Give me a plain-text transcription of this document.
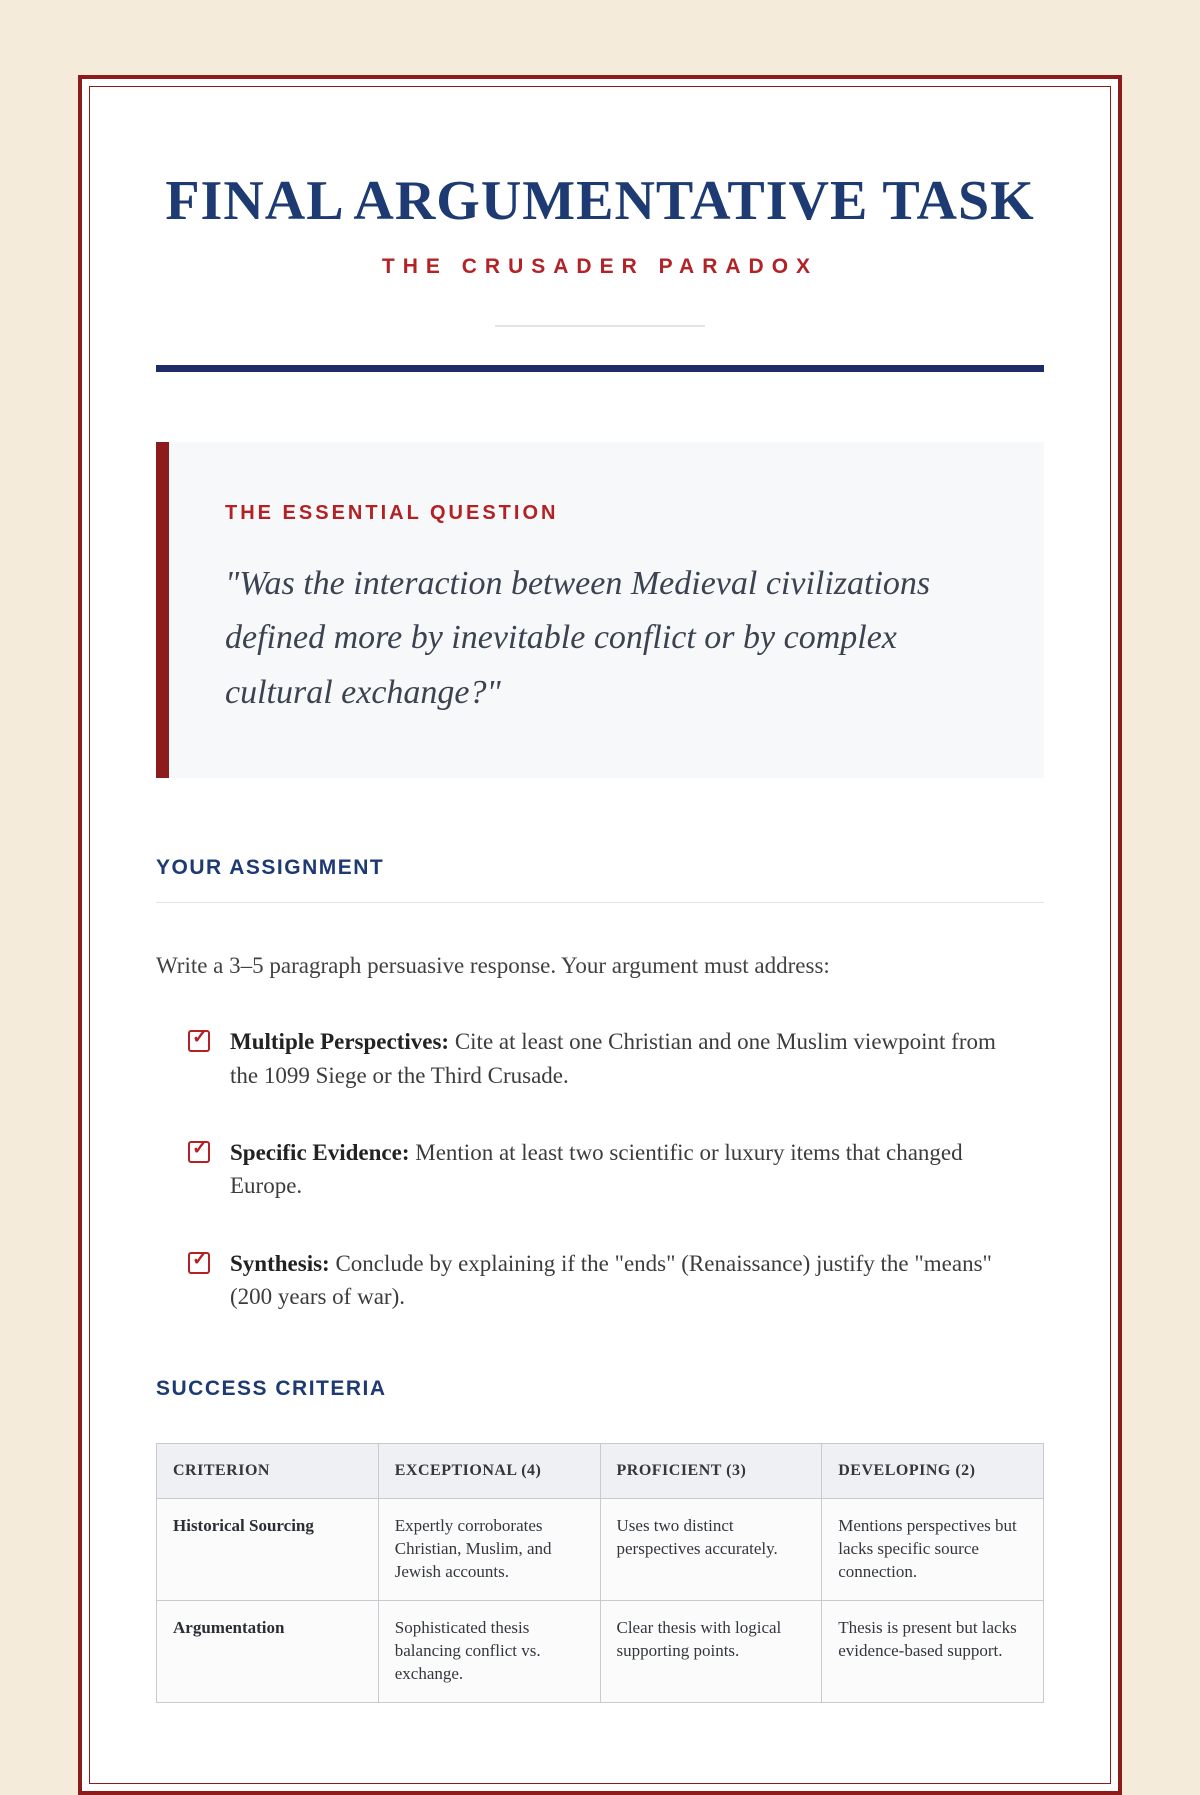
FINAL ARGUMENTATIVE TASK
THE CRUSADER PARADOX
THE ESSENTIAL QUESTION
"Was the interaction between Medieval civilizations defined more by inevitable conflict or by complex cultural exchange?"
YOUR ASSIGNMENT

Write a 3–5 paragraph persuasive response. Your argument must address:

✓

Multiple Perspectives: Cite at least one Christian and one Muslim viewpoint from the 1099 Siege or the Third Crusade.

✓

Specific Evidence: Mention at least two scientific or luxury items that changed Europe.

✓

Synthesis: Conclude by explaining if the "ends" (Renaissance) justify the "means" (200 years of war).

SUCCESS CRITERIA
CRITERION	EXCEPTIONAL (4)	PROFICIENT (3)	DEVELOPING (2)
Historical Sourcing	Expertly corroborates Christian, Muslim, and Jewish accounts.	Uses two distinct perspectives accurately.	Mentions perspectives but lacks specific source connection.
Argumentation	Sophisticated thesis balancing conflict vs. exchange.	Clear thesis with logical supporting points.	Thesis is present but lacks evidence-based support.
